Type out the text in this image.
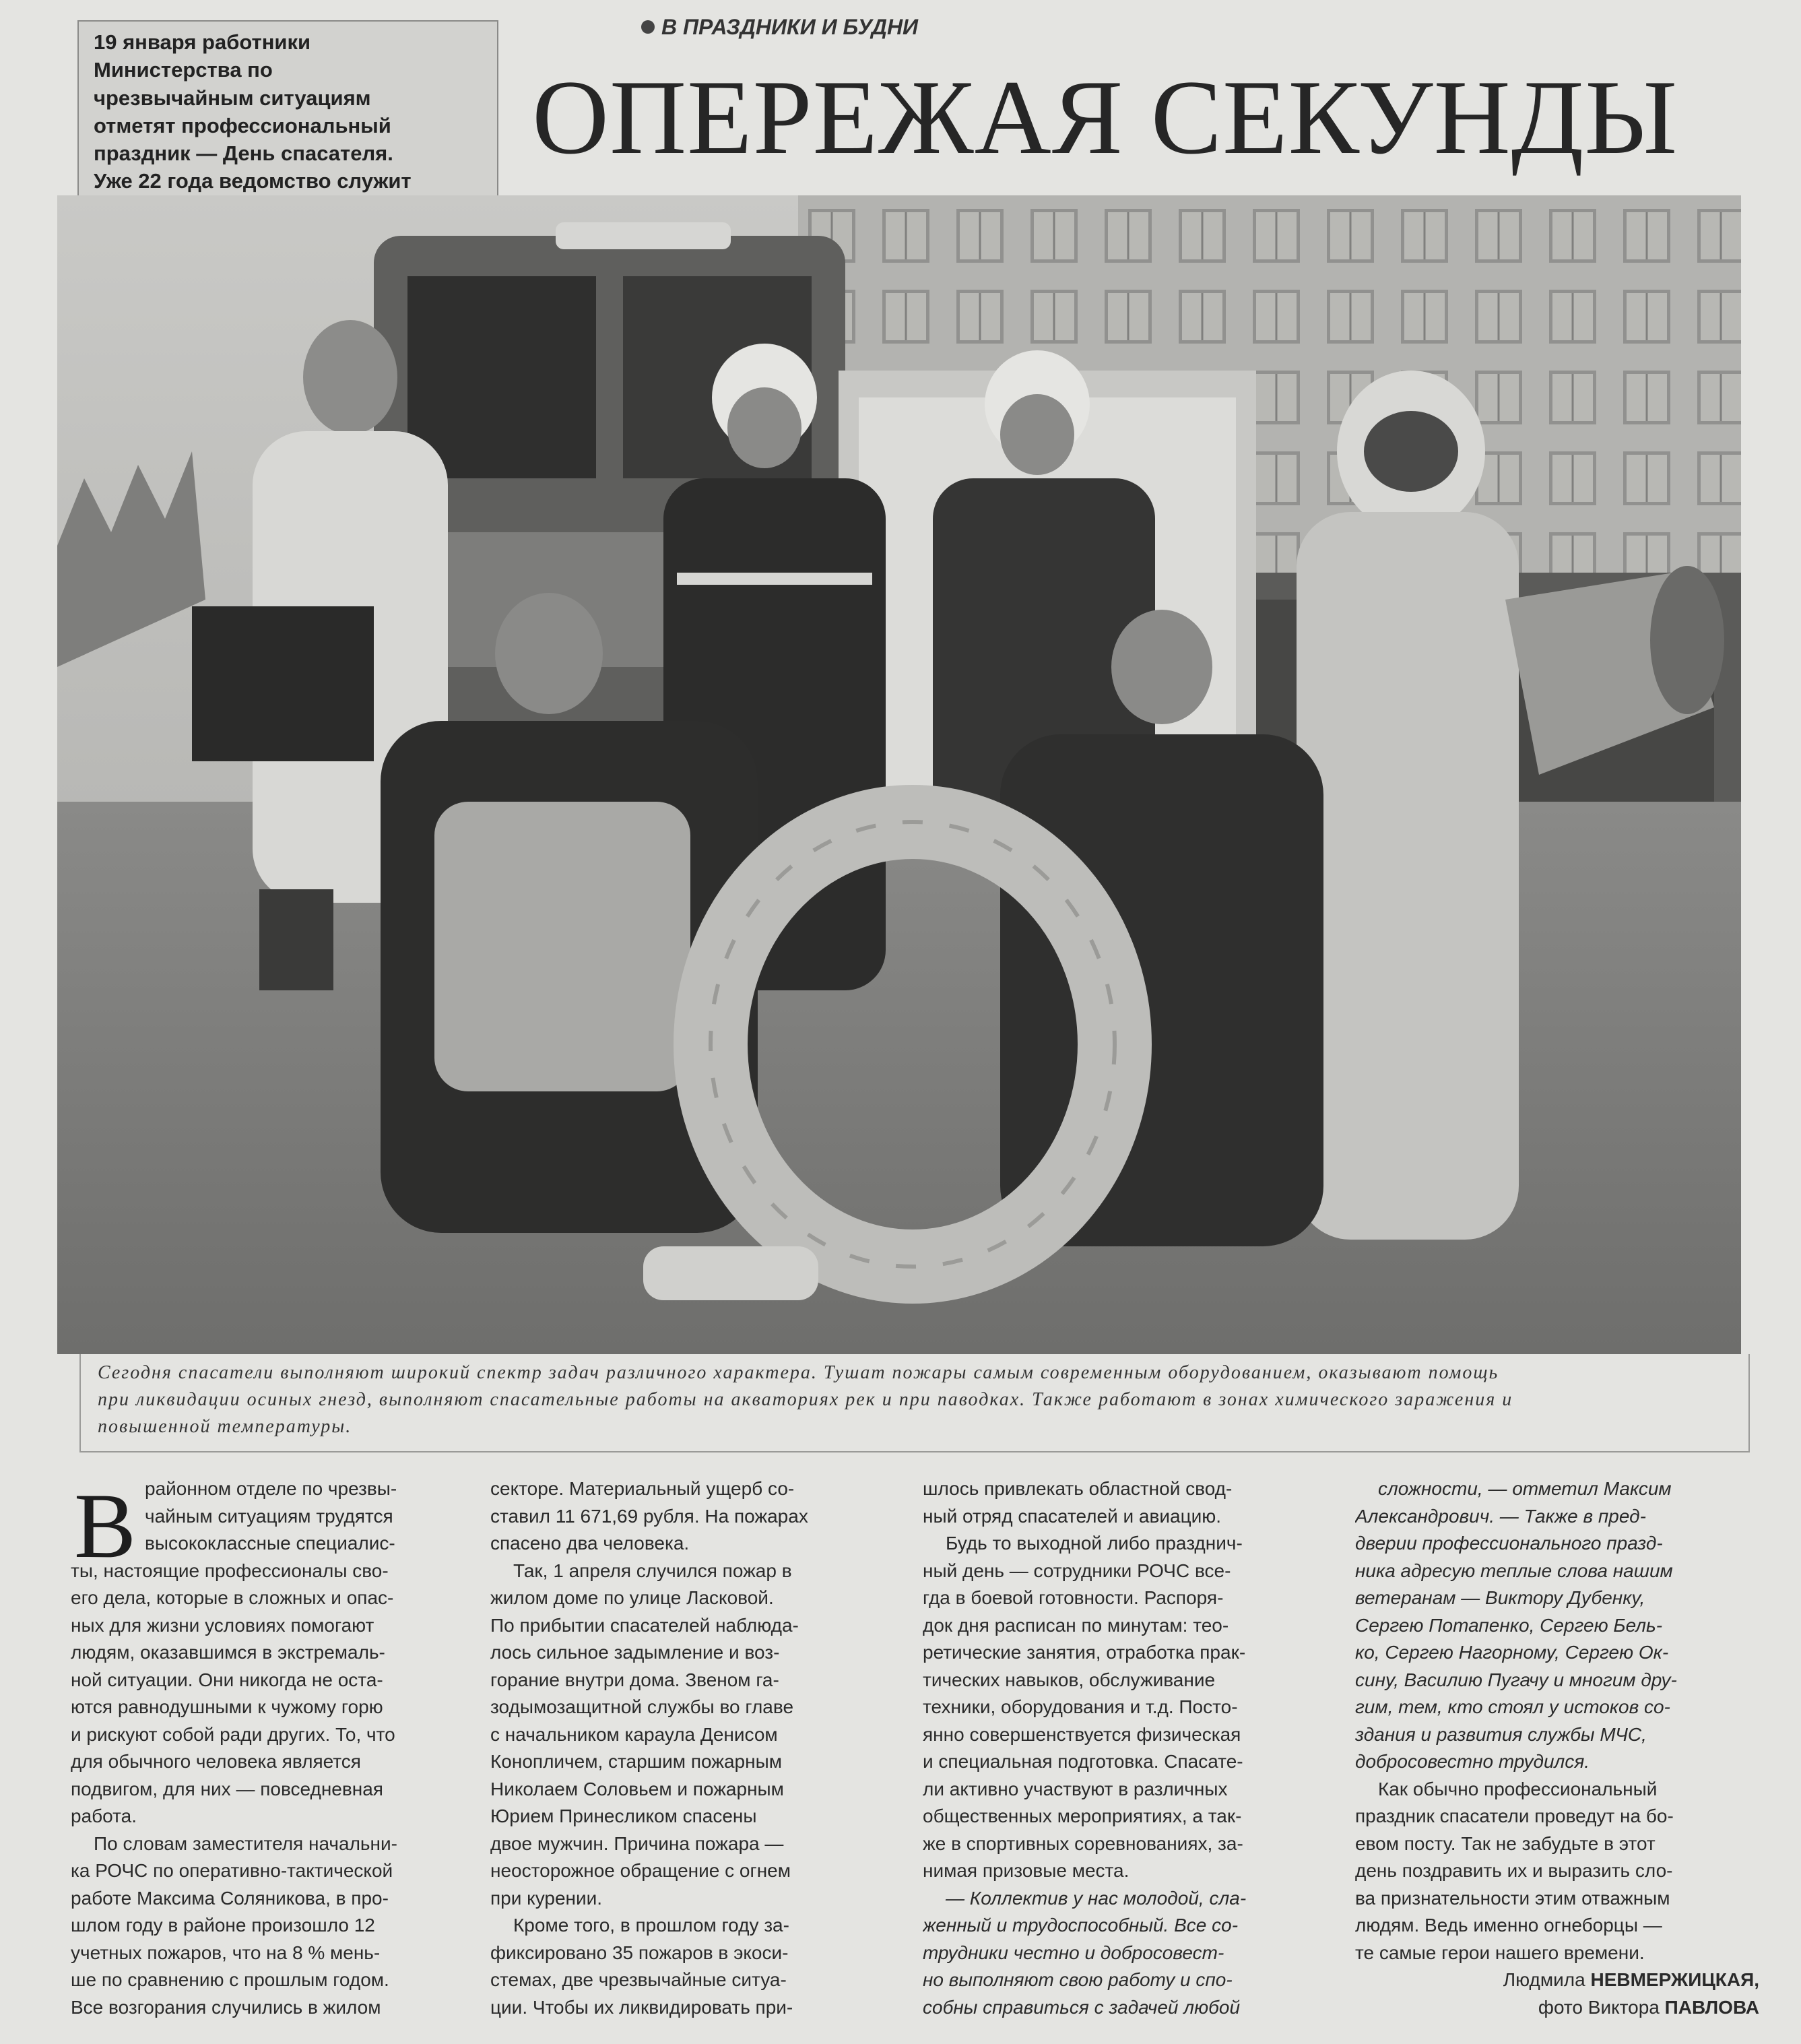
19 января работники
Министерства по
чрезвычайным ситуациям
отметят профессиональный
праздник — День спасателя.
Уже 22 года ведомство служит
В ПРАЗДНИКИ И БУДНИ
ОПЕРЕЖАЯ СЕКУНДЫ
Сегодня спасатели выполняют широкий спектр задач различного характера. Тушат пожары самым современным оборудованием, оказывают помощь
при ликвидации осиных гнезд, выполняют спасательные работы на акваториях рек и при паводках. Также работают в зонах химического заражения и
повышенной температуры.
В районном отделе по чрезвы-
чайным ситуациям трудятся
высококлассные специалис-
ты, настоящие профессионалы сво-
его дела, которые в сложных и опас-
ных для жизни условиях помогают
людям, оказавшимся в экстремаль-
ной ситуации. Они никогда не оста-
ются равнодушными к чужому горю
и рискуют собой ради других. То, что
для обычного человека является
подвигом, для них — повседневная
работа.
По словам заместителя начальни-
ка РОЧС по оперативно-тактической
работе Максима Соляникова, в про-
шлом году в районе произошло 12
учетных пожаров, что на 8 % мень-
ше по сравнению с прошлым годом.
Все возгорания случились в жилом
секторе. Материальный ущерб со-
ставил 11 671,69 рубля. На пожарах
спасено два человека.
Так, 1 апреля случился пожар в
жилом доме по улице Ласковой.
По прибытии спасателей наблюда-
лось сильное задымление и воз-
горание внутри дома. Звеном га-
зодымозащитной службы во главе
с начальником караула Денисом
Конопличем, старшим пожарным
Николаем Соловьем и пожарным
Юрием Принесликом спасены
двое мужчин. Причина пожара —
неосторожное обращение с огнем
при курении.
Кроме того, в прошлом году за-
фиксировано 35 пожаров в экоси-
стемах, две чрезвычайные ситуа-
ции. Чтобы их ликвидировать при-
шлось привлекать областной свод-
ный отряд спасателей и авиацию.
Будь то выходной либо празднич-
ный день — сотрудники РОЧС все-
гда в боевой готовности. Распоря-
док дня расписан по минутам: тео-
ретические занятия, отработка прак-
тических навыков, обслуживание
техники, оборудования и т.д. Посто-
янно совершенствуется физическая
и специальная подготовка. Спасате-
ли активно участвуют в различных
общественных мероприятиях, а так-
же в спортивных соревнованиях, за-
нимая призовые места.
— Коллектив у нас молодой, сла-
женный и трудоспособный. Все со-
трудники честно и добросовест-
но выполняют свою работу и спо-
собны справиться с задачей любой
сложности, — отметил Максим
Александрович. — Также в пред-
дверии профессионального празд-
ника адресую теплые слова нашим
ветеранам — Виктору Дубенку,
Сергею Потапенко, Сергею Бель-
ко, Сергею Нагорному, Сергею Ок-
сину, Василию Пугачу и многим дру-
гим, тем, кто стоял у истоков со-
здания и развития службы МЧС,
добросовестно трудился.
Как обычно профессиональный
праздник спасатели проведут на бо-
евом посту. Так не забудьте в этот
день поздравить их и выразить сло-
ва признательности этим отважным
людям. Ведь именно огнеборцы —
те самые герои нашего времени.
Людмила НЕВМЕРЖИЦКАЯ,
фото Виктора ПАВЛОВА
